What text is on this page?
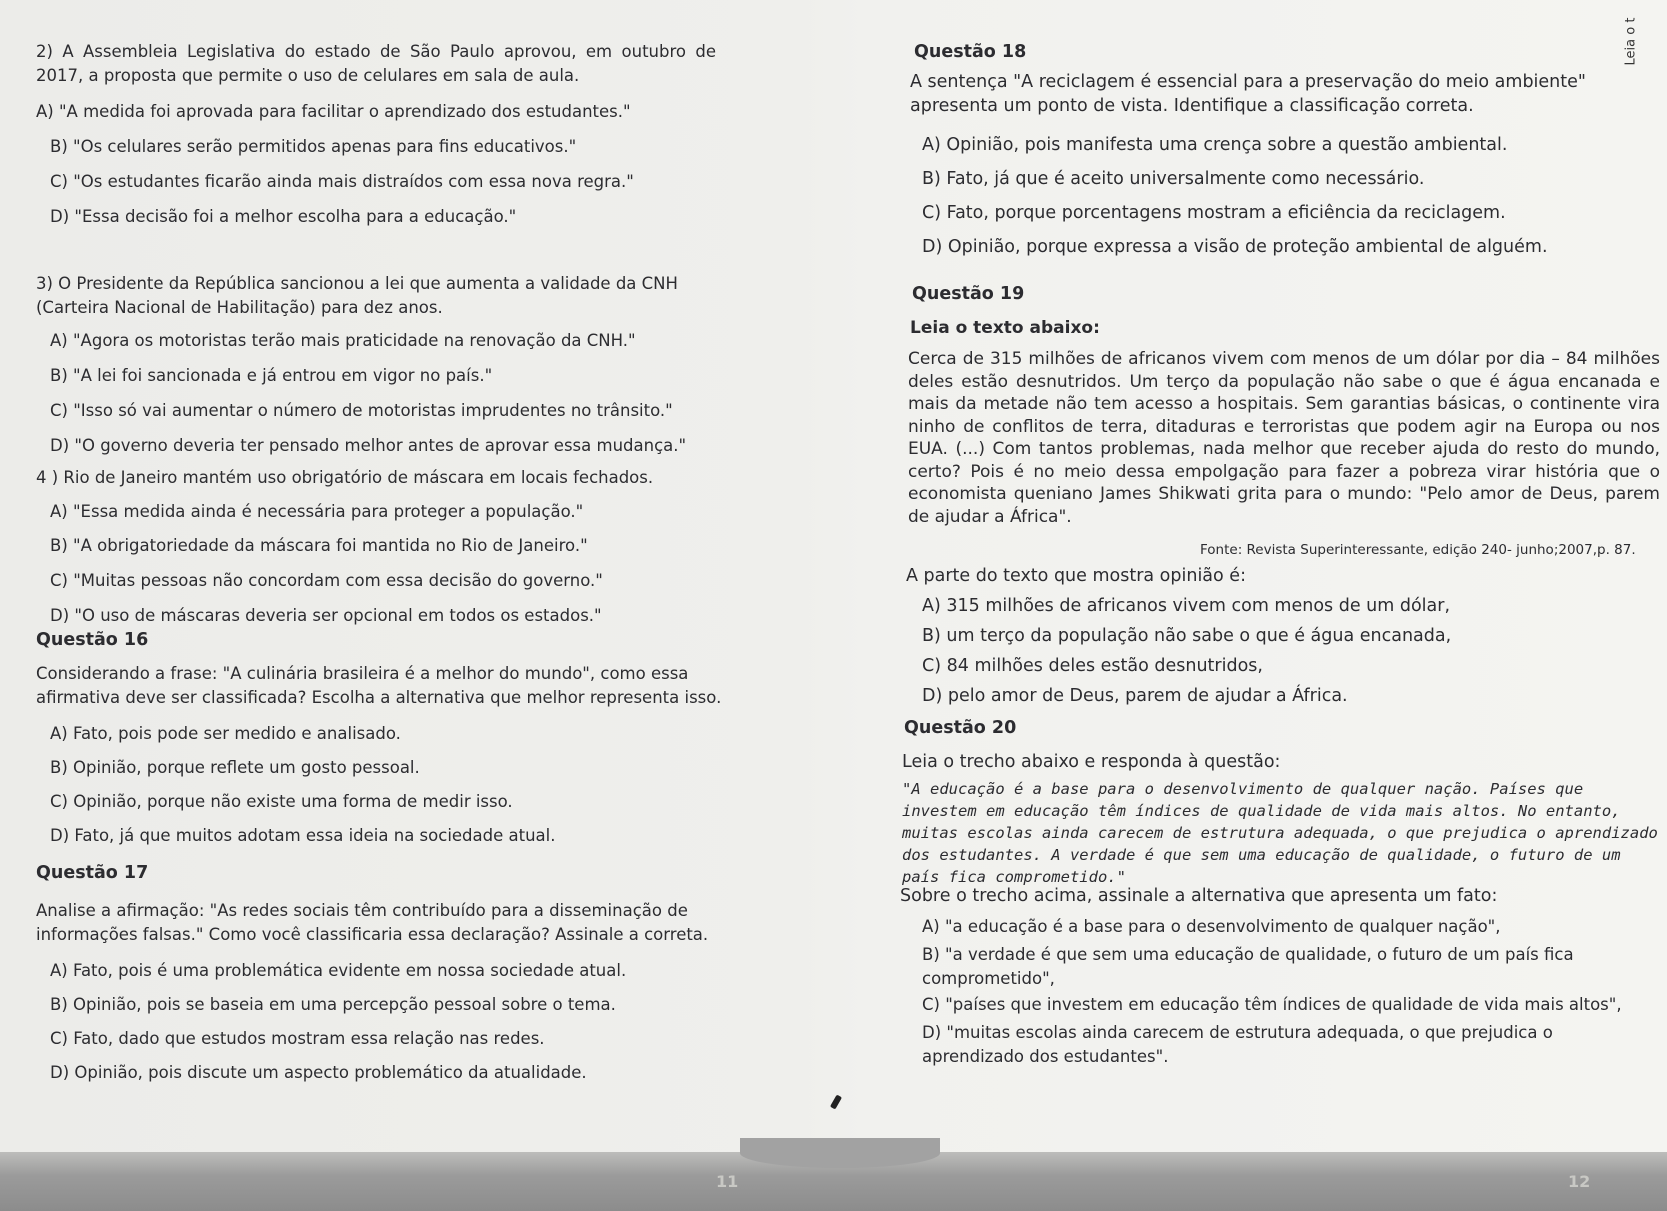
Leia o t

2) A Assembleia Legislativa do estado de São Paulo aprovou, em outubro de 2017, a proposta que permite o uso de celulares em sala de aula.

A) "A medida foi aprovada para facilitar o aprendizado dos estudantes."
B) "Os celulares serão permitidos apenas para fins educativos."
C) "Os estudantes ficarão ainda mais distraídos com essa nova regra."
D) "Essa decisão foi a melhor escolha para a educação."

3) O Presidente da República sancionou a lei que aumenta a validade da CNH (Carteira Nacional de Habilitação) para dez anos.

A) "Agora os motoristas terão mais praticidade na renovação da CNH."
B) "A lei foi sancionada e já entrou em vigor no país."
C) "Isso só vai aumentar o número de motoristas imprudentes no trânsito."
D) "O governo deveria ter pensado melhor antes de aprovar essa mudança."

4 ) Rio de Janeiro mantém uso obrigatório de máscara em locais fechados.

A) "Essa medida ainda é necessária para proteger a população."
B) "A obrigatoriedade da máscara foi mantida no Rio de Janeiro."
C) "Muitas pessoas não concordam com essa decisão do governo."
D) "O uso de máscaras deveria ser opcional em todos os estados."
Questão 16

Considerando a frase: "A culinária brasileira é a melhor do mundo", como essa afirmativa deve ser classificada? Escolha a alternativa que melhor representa isso.

A) Fato, pois pode ser medido e analisado.
B) Opinião, porque reflete um gosto pessoal.
C) Opinião, porque não existe uma forma de medir isso.
D) Fato, já que muitos adotam essa ideia na sociedade atual.
Questão 17

Analise a afirmação: "As redes sociais têm contribuído para a disseminação de informações falsas." Como você classificaria essa declaração? Assinale a correta.

A) Fato, pois é uma problemática evidente em nossa sociedade atual.
B) Opinião, pois se baseia em uma percepção pessoal sobre o tema.
C) Fato, dado que estudos mostram essa relação nas redes.
D) Opinião, pois discute um aspecto problemático da atualidade.
Questão 18

A sentença "A reciclagem é essencial para a preservação do meio ambiente" apresenta um ponto de vista. Identifique a classificação correta.

A) Opinião, pois manifesta uma crença sobre a questão ambiental.
B) Fato, já que é aceito universalmente como necessário.
C) Fato, porque porcentagens mostram a eficiência da reciclagem.
D) Opinião, porque expressa a visão de proteção ambiental de alguém.
Questão 19
Leia o texto abaixo:

Cerca de 315 milhões de africanos vivem com menos de um dólar por dia – 84 milhões deles estão desnutridos. Um terço da população não sabe o que é água encanada e mais da metade não tem acesso a hospitais. Sem garantias básicas, o continente vira ninho de conflitos de terra, ditaduras e terroristas que podem agir na Europa ou nos EUA. (...) Com tantos problemas, nada melhor que receber ajuda do resto do mundo, certo? Pois é no meio dessa empolgação para fazer a pobreza virar história que o economista queniano James Shikwati grita para o mundo: "Pelo amor de Deus, parem de ajudar a África".

Fonte: Revista Superinteressante, edição 240- junho;2007,p. 87.
A parte do texto que mostra opinião é:
A) 315 milhões de africanos vivem com menos de um dólar,
B) um terço da população não sabe o que é água encanada,
C) 84 milhões deles estão desnutridos,
D) pelo amor de Deus, parem de ajudar a África.
Questão 20
Leia o trecho abaixo e responda à questão:
"A educação é a base para o desenvolvimento de qualquer nação. Países que investem em educação têm índices de qualidade de vida mais altos. No entanto, muitas escolas ainda carecem de estrutura adequada, o que prejudica o aprendizado dos estudantes. A verdade é que sem uma educação de qualidade, o futuro de um país fica comprometido."
Sobre o trecho acima, assinale a alternativa que apresenta um fato:
A) "a educação é a base para o desenvolvimento de qualquer nação",
B) "a verdade é que sem uma educação de qualidade, o futuro de um país fica comprometido",
C) "países que investem em educação têm índices de qualidade de vida mais altos",
D) "muitas escolas ainda carecem de estrutura adequada, o que prejudica o aprendizado dos estudantes".
11	12
